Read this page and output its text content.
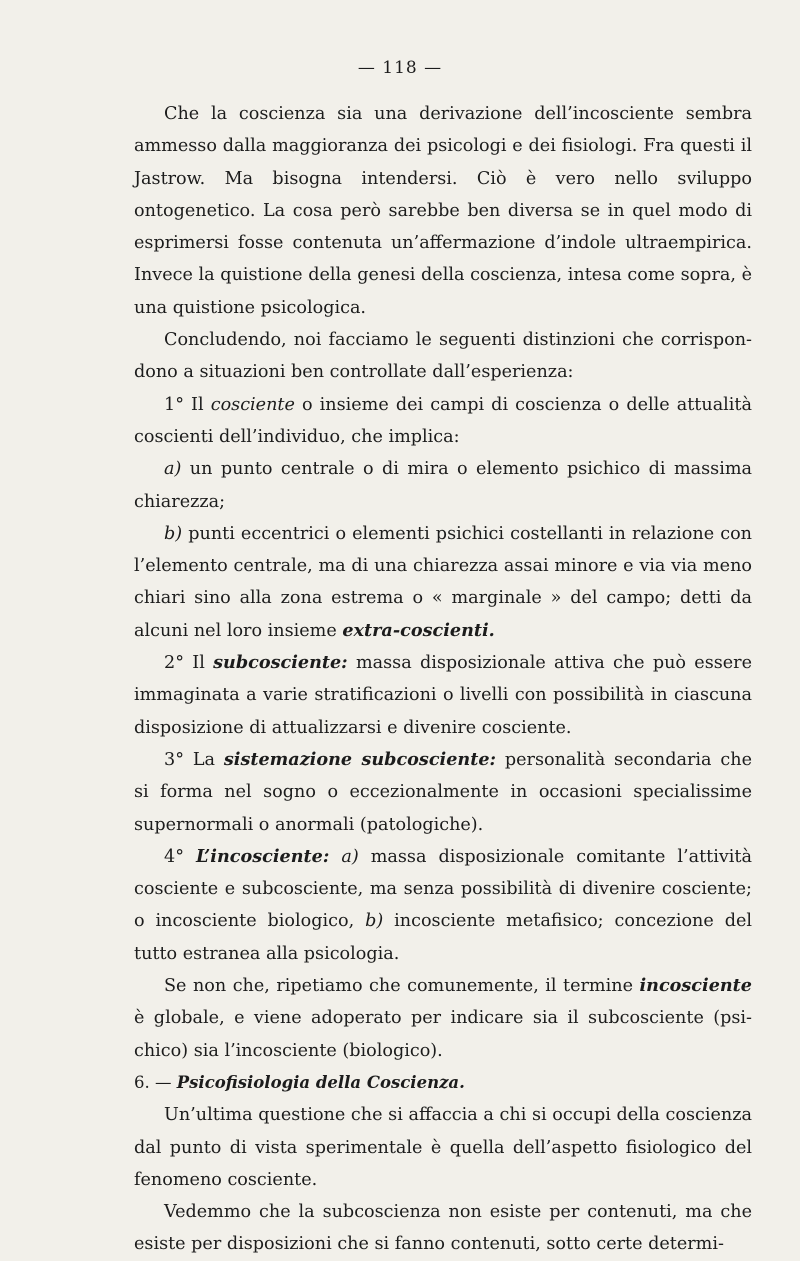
— 118 —

Che la coscienza sia una derivazione dell’incosciente sembra ammesso dalla maggioranza dei psicologi e dei fisiologi. Fra questi il Jastrow. Ma bisogna intendersi. Ciò è vero nello sviluppo ontogenetico. La cosa però sarebbe ben diversa se in quel modo di esprimersi fosse contenuta un’affermazione d’indole ultraempirica. Invece la quistione della genesi della coscienza, intesa come sopra, è una quistione psicologica.

Concludendo, noi facciamo le seguenti distinzioni che corrispondono a situazioni ben controllate dall’esperienza:

1° Il cosciente o insieme dei campi di coscienza o delle attualità coscienti dell’individuo, che implica:

a) un punto centrale o di mira o elemento psichico di massima chiarezza;

b) punti eccentrici o elementi psichici costellanti in relazione con l’elemento centrale, ma di una chiarezza assai minore e via via meno chiari sino alla zona estrema o « marginale » del campo; detti da alcuni nel loro insieme extra-coscienti.

2° Il subcosciente: massa disposizionale attiva che può essere immaginata a varie stratificazioni o livelli con possibilità in ciascuna disposizione di attualizzarsi e divenire cosciente.

3° La sistemazione subcosciente: personalità secondaria che si forma nel sogno o eccezionalmente in occasioni specialissime supernormali o anormali (patologiche).

4° L’incosciente: a) massa disposizionale comitante l’attività cosciente e subcosciente, ma senza possibilità di divenire cosciente; o incosciente biologico, b) incosciente metafisico; concezione del tutto estranea alla psicologia.

Se non che, ripetiamo che comunemente, il termine incosciente è globale, e viene adoperato per indicare sia il subcosciente (psichico) sia l’incosciente (biologico).

6. — Psicofisiologia della Coscienza.

Un’ultima questione che si affaccia a chi si occupi della coscienza dal punto di vista sperimentale è quella dell’aspetto fisiologico del fenomeno cosciente.

Vedemmo che la subcoscienza non esiste per contenuti, ma che esiste per disposizioni che si fanno contenuti, sotto certe determi-
